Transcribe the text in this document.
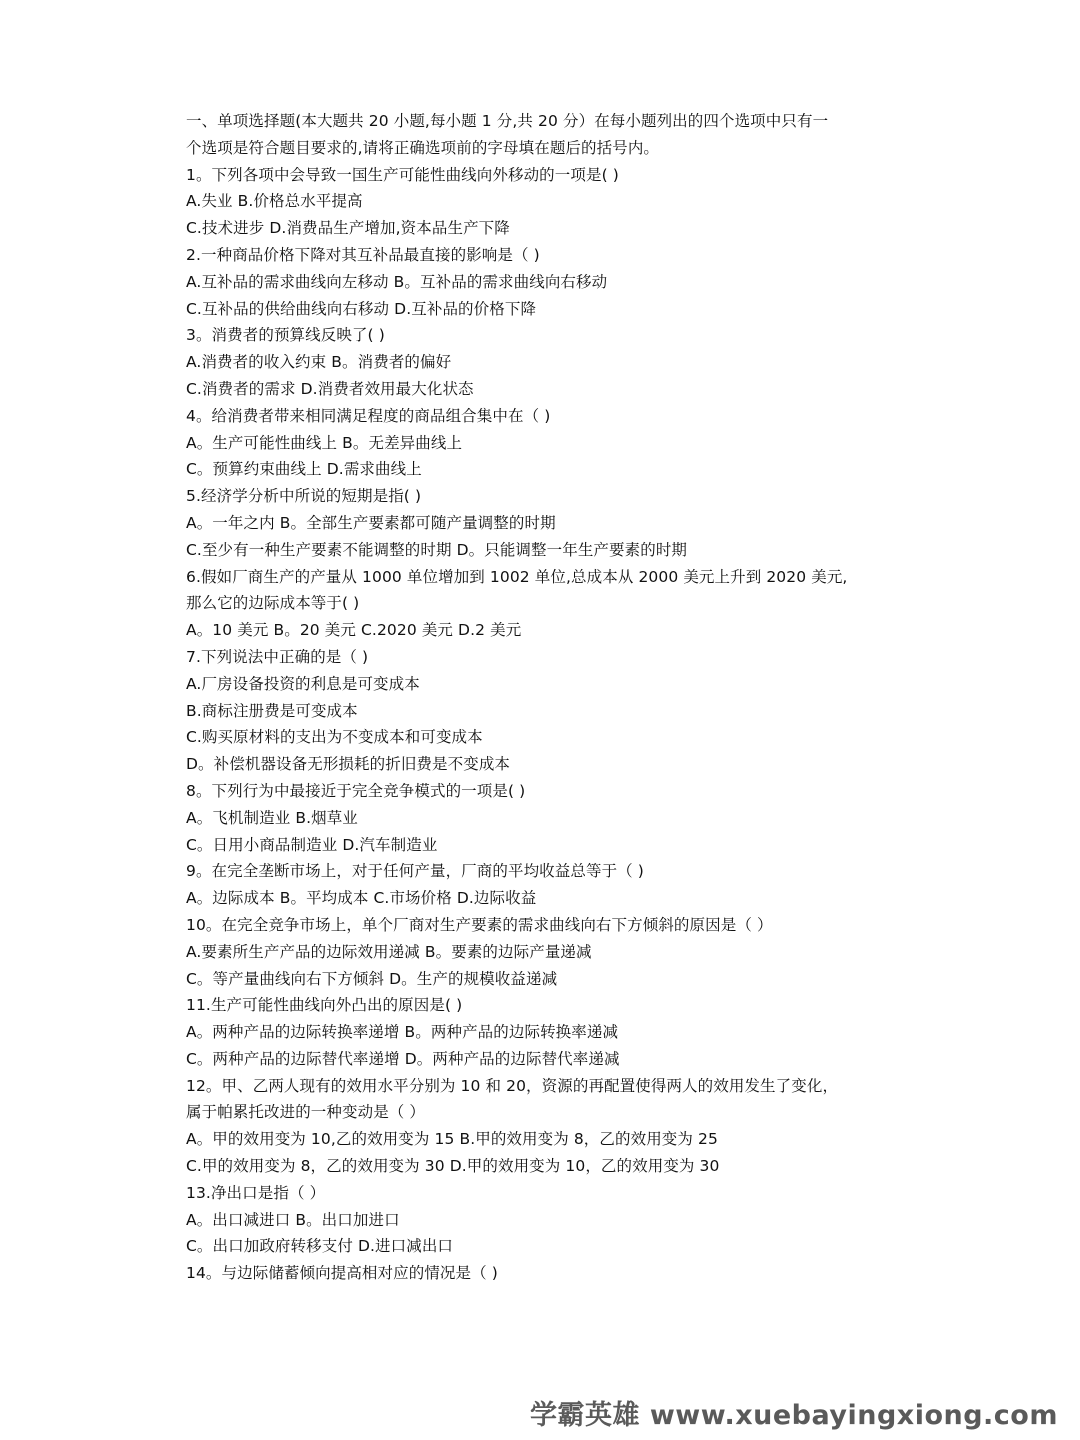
一、单项选择题(本大题共 20 小题,每小题 1 分,共 20 分）在每小题列出的四个选项中只有一
个选项是符合题目要求的,请将正确选项前的字母填在题后的括号内。
1。下列各项中会导致一国生产可能性曲线向外移动的一项是( )
A.失业 B.价格总水平提高
C.技术进步 D.消费品生产增加,资本品生产下降
2.一种商品价格下降对其互补品最直接的影响是（ )
A.互补品的需求曲线向左移动 B。互补品的需求曲线向右移动
C.互补品的供给曲线向右移动 D.互补品的价格下降
3。消费者的预算线反映了( )
A.消费者的收入约束 B。消费者的偏好
C.消费者的需求 D.消费者效用最大化状态
4。给消费者带来相同满足程度的商品组合集中在（ )
A。生产可能性曲线上 B。无差异曲线上
C。预算约束曲线上 D.需求曲线上
5.经济学分析中所说的短期是指( )
A。一年之内 B。全部生产要素都可随产量调整的时期
C.至少有一种生产要素不能调整的时期 D。只能调整一年生产要素的时期
6.假如厂商生产的产量从 1000 单位增加到 1002 单位,总成本从 2000 美元上升到 2020 美元,
那么它的边际成本等于( )
A。10 美元 B。20 美元 C.2020 美元 D.2 美元
7.下列说法中正确的是（ )
A.厂房设备投资的利息是可变成本
B.商标注册费是可变成本
C.购买原材料的支出为不变成本和可变成本
D。补偿机器设备无形损耗的折旧费是不变成本
8。下列行为中最接近于完全竞争模式的一项是( )
A。飞机制造业 B.烟草业
C。日用小商品制造业 D.汽车制造业
9。在完全垄断市场上，对于任何产量，厂商的平均收益总等于（ )
A。边际成本 B。平均成本 C.市场价格 D.边际收益
10。在完全竞争市场上，单个厂商对生产要素的需求曲线向右下方倾斜的原因是（ ）
A.要素所生产产品的边际效用递减 B。要素的边际产量递减
C。等产量曲线向右下方倾斜 D。生产的规模收益递减
11.生产可能性曲线向外凸出的原因是( )
A。两种产品的边际转换率递增 B。两种产品的边际转换率递减
C。两种产品的边际替代率递增 D。两种产品的边际替代率递减
12。甲、乙两人现有的效用水平分别为 10 和 20，资源的再配置使得两人的效用发生了变化，
属于帕累托改进的一种变动是（ ）
A。甲的效用变为 10,乙的效用变为 15 B.甲的效用变为 8，乙的效用变为 25
C.甲的效用变为 8，乙的效用变为 30 D.甲的效用变为 10，乙的效用变为 30
13.净出口是指（ ）
A。出口减进口 B。出口加进口
C。出口加政府转移支付 D.进口减出口
14。与边际储蓄倾向提高相对应的情况是（ )
学霸英雄 www.xuebayingxiong.com
